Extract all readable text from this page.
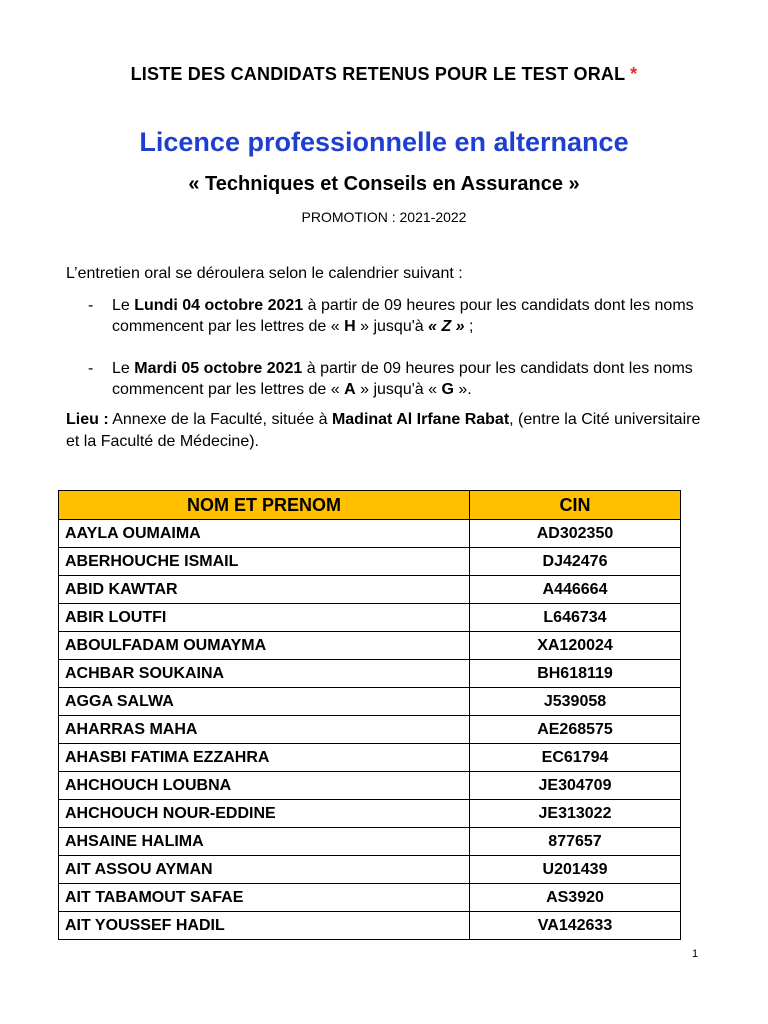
LISTE DES CANDIDATS RETENUS POUR LE TEST ORAL *
Licence professionnelle en alternance
« Techniques et Conseils en Assurance »
PROMOTION : 2021-2022
L’entretien oral se déroulera selon le calendrier suivant :
- Le Lundi 04 octobre 2021 à partir de 09 heures pour les candidats dont les noms commencent par les lettres de « H » jusqu'à « Z » ;
- Le Mardi 05 octobre 2021 à partir de 09 heures pour les candidats dont les noms commencent par les lettres de « A » jusqu'à « G ».
Lieu : Annexe de la Faculté, située à Madinat Al Irfane Rabat, (entre la Cité universitaire et la Faculté de Médecine).
NOM ET PRENOM	CIN
AAYLA OUMAIMA	AD302350
ABERHOUCHE ISMAIL	DJ42476
ABID KAWTAR	A446664
ABIR LOUTFI	L646734
ABOULFADAM OUMAYMA	XA120024
ACHBAR SOUKAINA	BH618119
AGGA SALWA	J539058
AHARRAS MAHA	AE268575
AHASBI FATIMA EZZAHRA	EC61794
AHCHOUCH LOUBNA	JE304709
AHCHOUCH NOUR-EDDINE	JE313022
AHSAINE HALIMA	877657
AIT ASSOU AYMAN	U201439
AIT TABAMOUT SAFAE	AS3920
AIT YOUSSEF HADIL	VA142633
1
